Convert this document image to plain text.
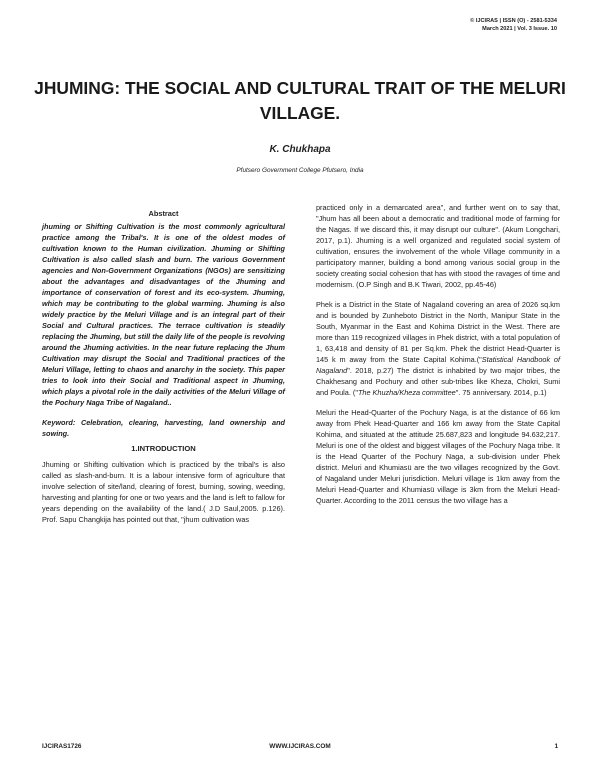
© IJCIRAS | ISSN (O) - 2581-5334
March 2021 | Vol. 3 Issue. 10
JHUMING: THE SOCIAL AND CULTURAL TRAIT OF THE MELURI VILLAGE.
K. Chukhapa
Pfutsero Government College Pfutsero, India
Abstract

jhuming or Shifting Cultivation is the most commonly agricultural practice among the Tribal's. It is one of the oldest modes of cultivation known to the Human civilization. Jhuming or Shifting Cultivation is also called slash and burn. The various Government agencies and Non-Government Organizations (NGOs) are sensitizing about the advantages and disadvantages of the Jhuming and importance of conservation of forest and its eco-system. Jhuming, which may be contributing to the global warming. Jhuming is also widely practice by the Meluri Village and is an integral part of their Social and Cultural practices. The terrace cultivation is steadily replacing the Jhuming, but still the daily life of the people is revolving around the Jhuming activities. In the near future replacing the Jhum Cultivation may disrupt the Social and Traditional practices of the Meluri Village, letting to chaos and anarchy in the society. This paper tries to look into their Social and Traditional aspect in Jhuming, which plays a pivotal role in the daily activities of the Meluri Village of the Pochury Naga Tribe of Nagaland..

Keyword: Celebration, clearing, harvesting, land ownership and sowing.

1.INTRODUCTION

Jhuming or Shifting cultivation which is practiced by the tribal's is also called as slash-and-burn. It is a labour intensive form of agriculture that involve selection of site/land, clearing of forest, burning, sowing, weeding, harvesting and planting for one or two years and the land is left to fallow for years depending on the availability of the land.( J.D Saul,2005. p.126). Prof. Sapu Changkija has pointed out that, "jhum cultivation was

practiced only in a demarcated area", and further went on to say that, "Jhum has all been about a democratic and traditional mode of farming for the Nagas. If we discard this, it may disrupt our culture". (Akum Longchari, 2017, p.1). Jhuming is a well organized and regulated social system of cultivation, ensures the involvement of the whole Village community in a participatory manner, building a bond among various social group in the society creating social cohesion that has with stood the ravages of time and modernism. (O.P Singh and B.K Tiwari, 2002, pp.45-46)

Phek is a District in the State of Nagaland covering an area of 2026 sq.km and is bounded by Zunheboto District in the North, Manipur State in the South, Myanmar in the East and Kohima District in the West. There are more than 119 recognized villages in Phek district, with a total population of 1, 63,418 and density of 81 per Sq.km. Phek the district Head-Quarter is 145 k m away from the State Capital Kohima.("Statistical Handbook of Nagaland". 2018, p.27) The district is inhabited by two major tribes, the Chakhesang and Pochury and other sub-tribes like Kheza, Chokri, Sumi and Poula. ("The Khuzha/Kheza committee". 75 anniversary. 2014, p.1)

Meluri the Head-Quarter of the Pochury Naga, is at the distance of 66 km away from Phek Head-Quarter and 166 km away from the State Capital Kohima, and situated at the attitude 25.687,823 and longitude 94.632,217. Meluri is one of the oldest and biggest villages of the Pochury Naga tribe. It is the Head Quarter of the Pochury Naga, a sub-division under Phek district. Meluri and Khumiasü are the two villages recognized by the Govt. of Nagaland under Meluri jurisdiction. Meluri village is 1km away from the Meluri Head-Quarter and Khumiasü village is 3km from the Meluri Head-Quarter. According to the 2011 census the two village has a

IJCIRAS1726	WWW.IJCIRAS.COM	1
